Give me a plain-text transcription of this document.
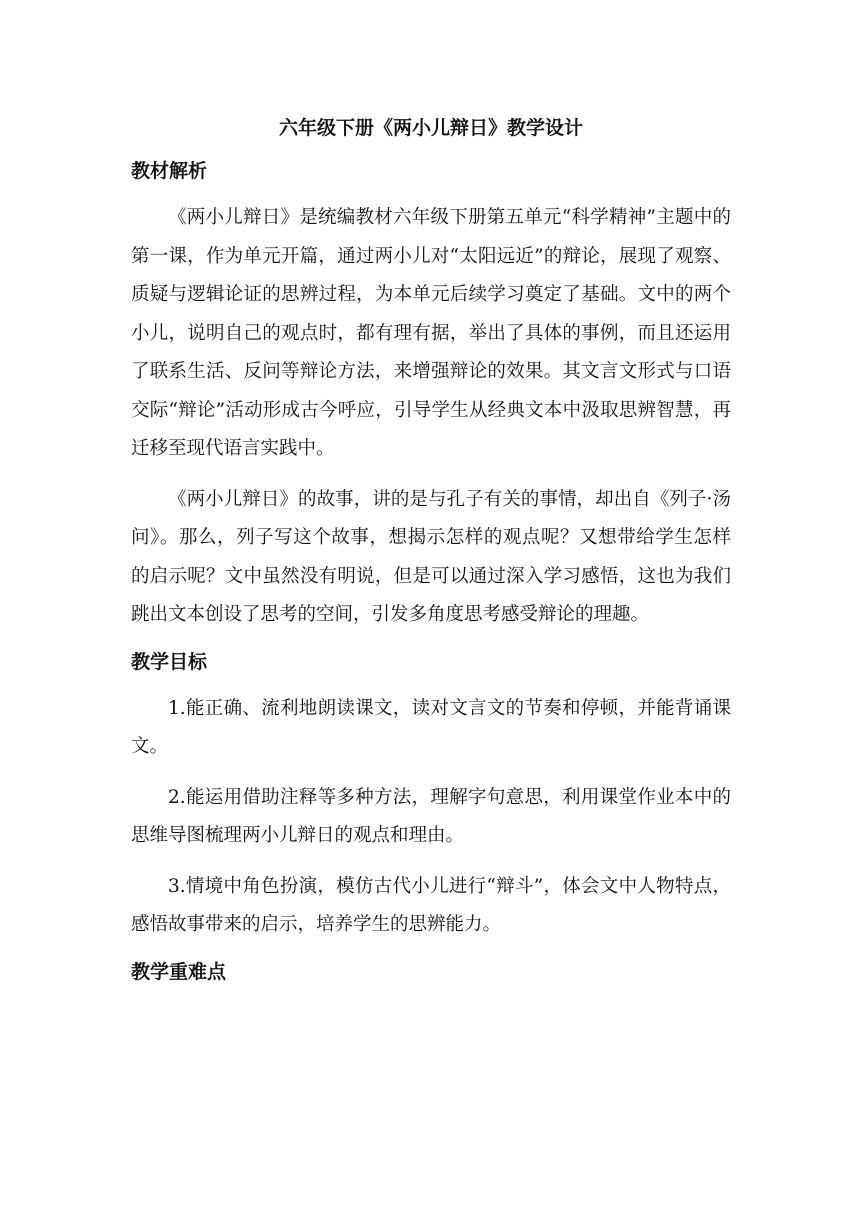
六年级下册《两小儿辩日》教学设计
教材解析

《两小儿辩日》是统编教材六年级下册第五单元“科学精神”主题中的第一课，作为单元开篇，通过两小儿对“太阳远近”的辩论，展现了观察、质疑与逻辑论证的思辨过程，为本单元后续学习奠定了基础。文中的两个小儿，说明自己的观点时，都有理有据，举出了具体的事例，而且还运用了联系生活、反问等辩论方法，来增强辩论的效果。其文言文形式与口语交际“辩论”活动形成古今呼应，引导学生从经典文本中汲取思辨智慧，再迁移至现代语言实践中。

《两小儿辩日》的故事，讲的是与孔子有关的事情，却出自《列子·汤问》。那么，列子写这个故事，想揭示怎样的观点呢？又想带给学生怎样的启示呢？文中虽然没有明说，但是可以通过深入学习感悟，这也为我们跳出文本创设了思考的空间，引发多角度思考感受辩论的理趣。

教学目标

1.能正确、流利地朗读课文，读对文言文的节奏和停顿，并能背诵课文。

2.能运用借助注释等多种方法，理解字句意思，利用课堂作业本中的思维导图梳理两小儿辩日的观点和理由。

3.情境中角色扮演，模仿古代小儿进行“辩斗”，体会文中人物特点，感悟故事带来的启示，培养学生的思辨能力。

教学重难点
